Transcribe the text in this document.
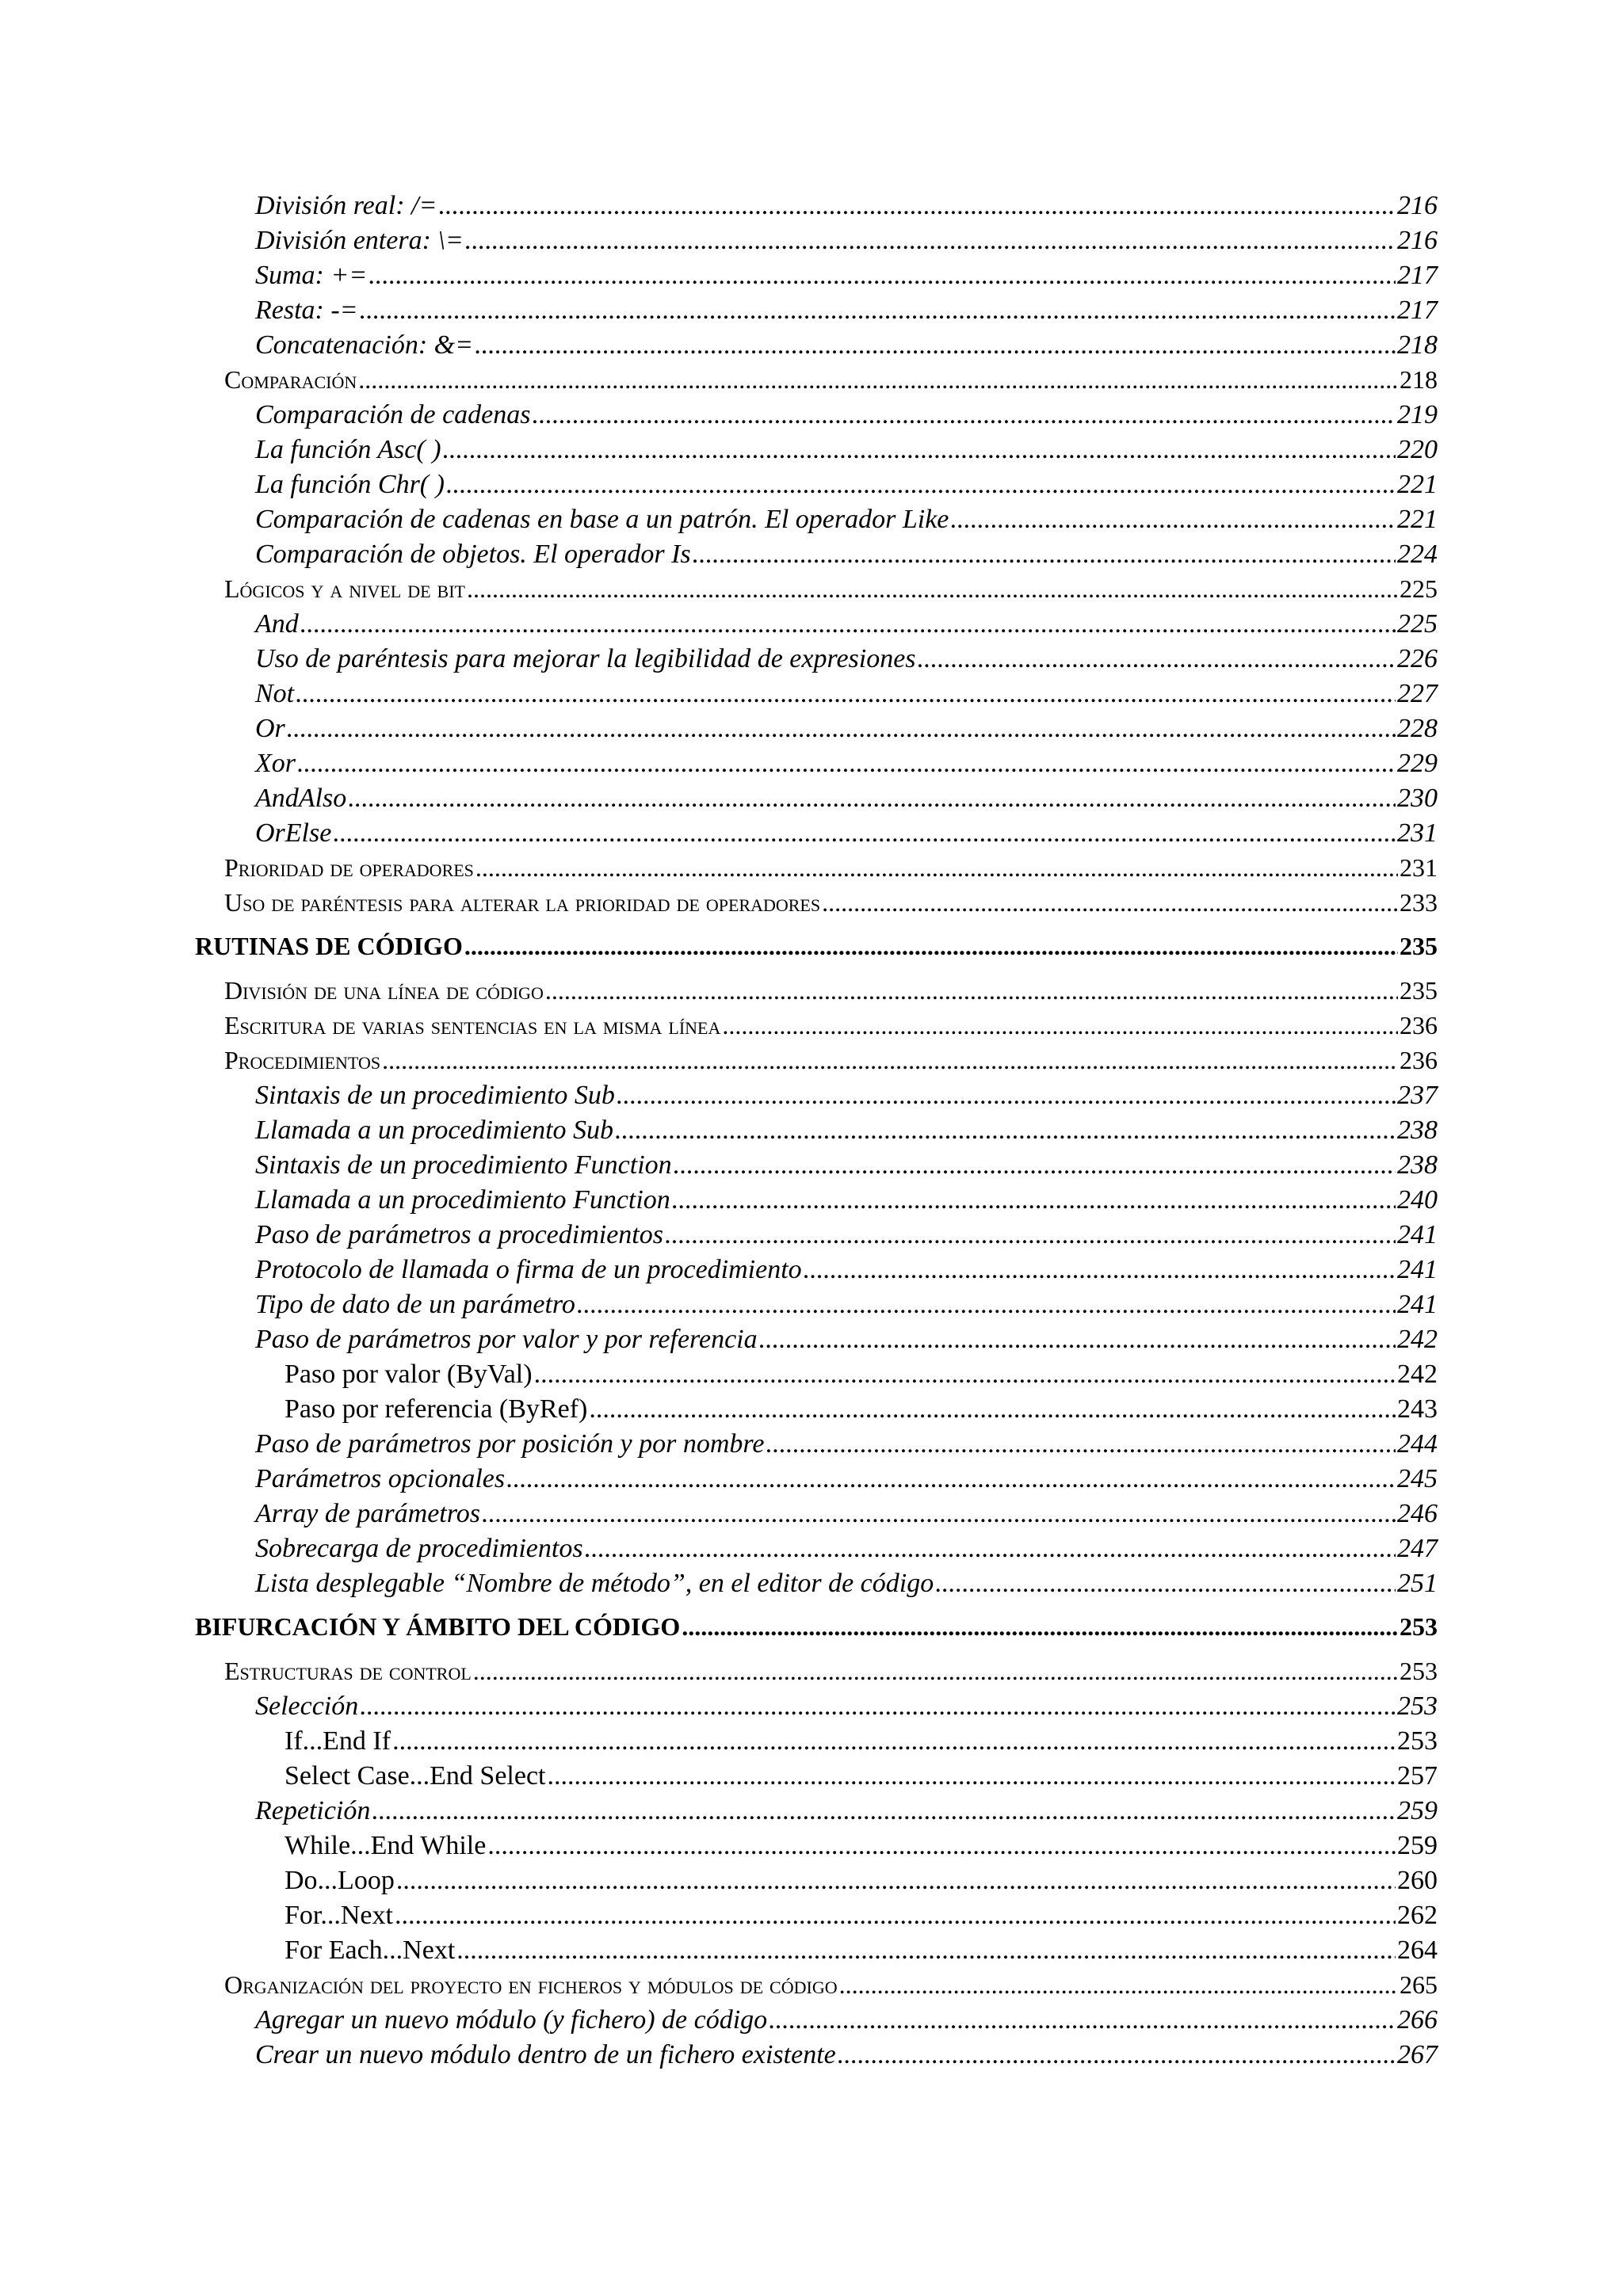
División real: /= .....	216
División entera: \= .....	216
Suma: += .....	217
Resta: -= .....	217
Concatenación: &= .....	218
Comparación .....	218
Comparación de cadenas .....	219
La función Asc( ) .....	220
La función Chr( ) .....	221
Comparación de cadenas en base a un patrón. El operador Like .....	221
Comparación de objetos. El operador Is .....	224
Lógicos y a nivel de bit .....	225
And .....	225
Uso de paréntesis para mejorar la legibilidad de expresiones .....	226
Not .....	227
Or .....	228
Xor .....	229
AndAlso .....	230
OrElse .....	231
Prioridad de operadores .....	231
Uso de paréntesis para alterar la prioridad de operadores .....	233
RUTINAS DE CÓDIGO .....	235
División de una línea de código .....	235
Escritura de varias sentencias en la misma línea .....	236
Procedimientos .....	236
Sintaxis de un procedimiento Sub .....	237
Llamada a un procedimiento Sub .....	238
Sintaxis de un procedimiento Function .....	238
Llamada a un procedimiento Function .....	240
Paso de parámetros a procedimientos .....	241
Protocolo de llamada o firma de un procedimiento .....	241
Tipo de dato de un parámetro .....	241
Paso de parámetros por valor y por referencia .....	242
Paso por valor (ByVal) .....	242
Paso por referencia (ByRef) .....	243
Paso de parámetros por posición y por nombre .....	244
Parámetros opcionales .....	245
Array de parámetros .....	246
Sobrecarga de procedimientos .....	247
Lista desplegable “Nombre de método”, en el editor de código .....	251
BIFURCACIÓN Y ÁMBITO DEL CÓDIGO .....	253
Estructuras de control .....	253
Selección .....	253
If...End If .....	253
Select Case...End Select .....	257
Repetición .....	259
While...End While .....	259
Do...Loop .....	260
For...Next .....	262
For Each...Next .....	264
Organización del proyecto en ficheros y módulos de código .....	265
Agregar un nuevo módulo (y fichero) de código .....	266
Crear un nuevo módulo dentro de un fichero existente .....	267
